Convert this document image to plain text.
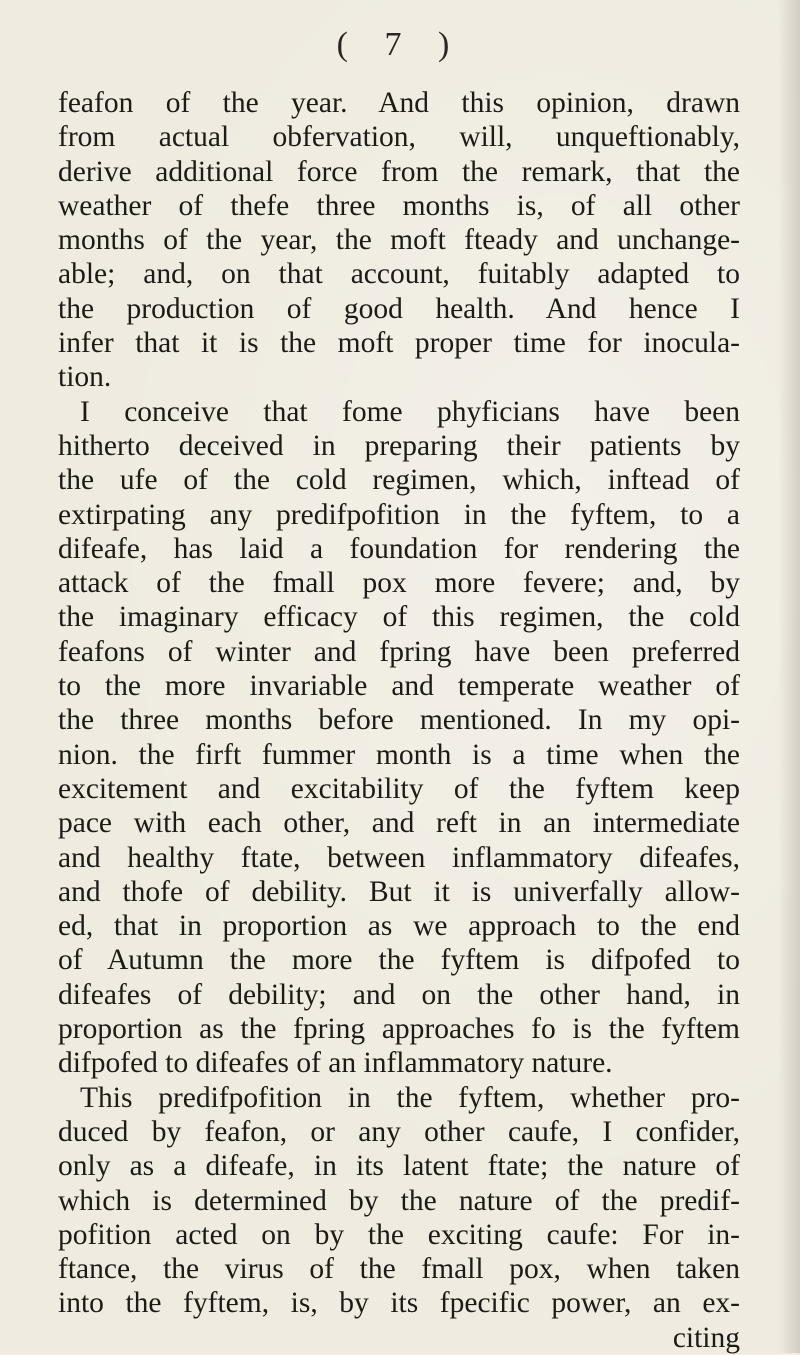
( 7 )
feafon of the year. And this opinion, drawn
from actual obfervation, will, unqueftionably,
derive additional force from the remark, that the
weather of thefe three months is, of all other
months of the year, the moft fteady and unchange-
able; and, on that account, fuitably adapted to
the production of good health. And hence I
infer that it is the moft proper time for inocula-
tion.
I conceive that fome phyficians have been
hitherto deceived in preparing their patients by
the ufe of the cold regimen, which, inftead of
extirpating any predifpofition in the fyftem, to a
difeafe, has laid a foundation for rendering the
attack of the fmall pox more fevere; and, by
the imaginary efficacy of this regimen, the cold
feafons of winter and fpring have been preferred
to the more invariable and temperate weather of
the three months before mentioned. In my opi-
nion. the firft fummer month is a time when the
excitement and excitability of the fyftem keep
pace with each other, and reft in an intermediate
and healthy ftate, between inflammatory difeafes,
and thofe of debility. But it is univerfally allow-
ed, that in proportion as we approach to the end
of Autumn the more the fyftem is difpofed to
difeafes of debility; and on the other hand, in
proportion as the fpring approaches fo is the fyftem
difpofed to difeafes of an inflammatory nature.
This predifpofition in the fyftem, whether pro-
duced by feafon, or any other caufe, I confider,
only as a difeafe, in its latent ftate; the nature of
which is determined by the nature of the predif-
pofition acted on by the exciting caufe: For in-
ftance, the virus of the fmall pox, when taken
into the fyftem, is, by its fpecific power, an ex-
citing
